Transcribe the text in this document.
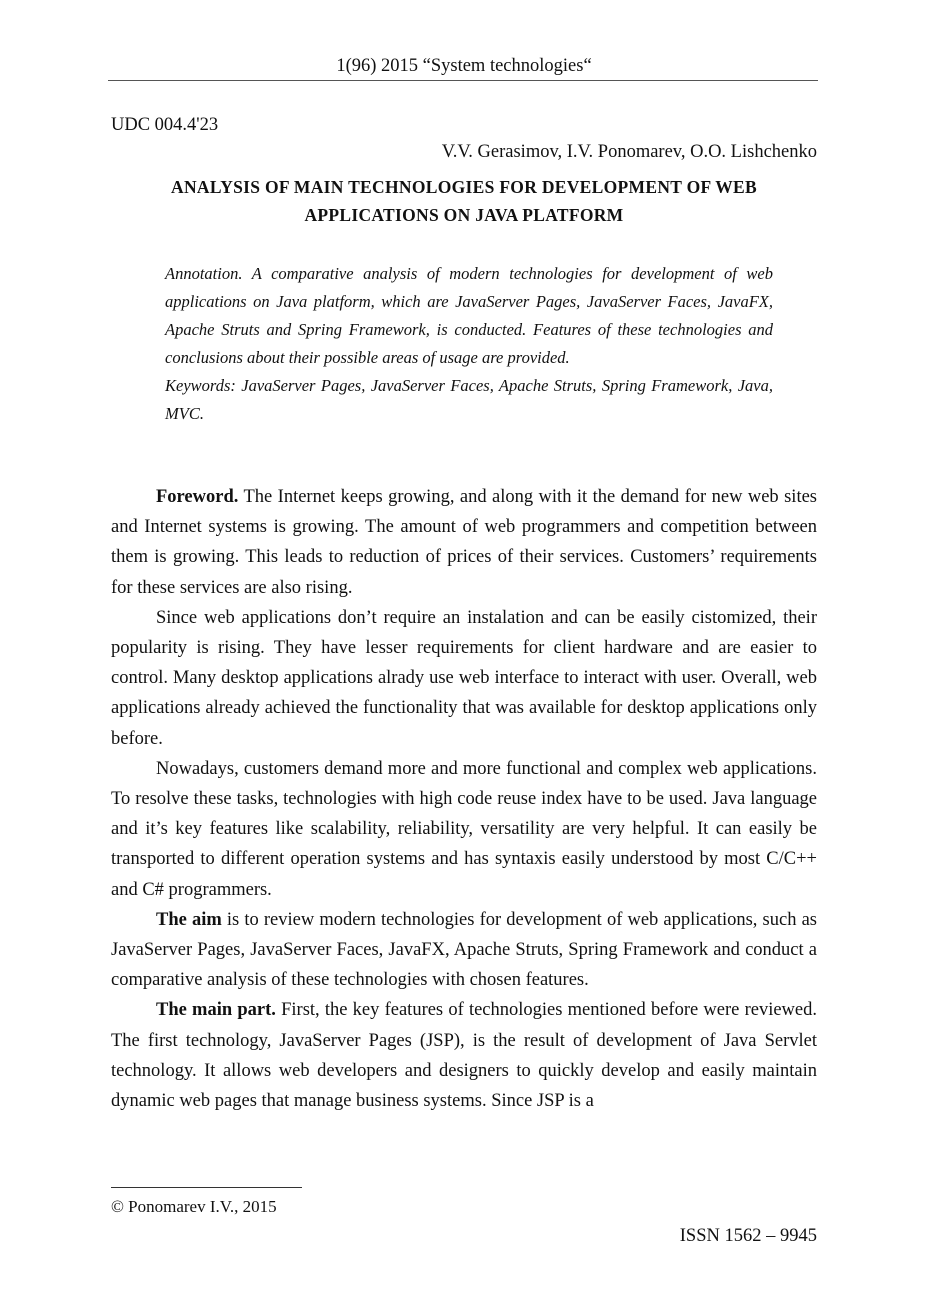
1(96) 2015 “System technologies“
UDC 004.4'23
V.V. Gerasimov, I.V. Ponomarev, O.O. Lishchenko
ANALYSIS OF MAIN TECHNOLOGIES FOR DEVELOPMENT OF WEB APPLICATIONS ON JAVA PLATFORM

Annotation. A comparative analysis of modern technologies for development of web applications on Java platform, which are JavaServer Pages, JavaServer Faces, JavaFX, Apache Struts and Spring Framework, is conducted. Features of these technologies and conclusions about their possible areas of usage are provided.

Keywords: JavaServer Pages, JavaServer Faces, Apache Struts, Spring Framework, Java, MVC.

Foreword. The Internet keeps growing, and along with it the demand for new web sites and Internet systems is growing. The amount of web programmers and competition between them is growing. This leads to reduction of prices of their services. Customers’ requirements for these services are also rising.

Since web applications don’t require an instalation and can be easily cistomized, their popularity is rising. They have lesser requirements for client hardware and are easier to control. Many desktop applications alrady use web interface to interact with user. Overall, web applications already achieved the functionality that was available for desktop applications only before.

Nowadays, customers demand more and more functional and complex web applications. To resolve these tasks, technologies with high code reuse index have to be used. Java language and it’s key features like scalability, reliability, versatility are very helpful. It can easily be transported to different operation systems and has syntaxis easily understood by most C/C++ and C# programmers.

The aim is to review modern technologies for development of web applications, such as JavaServer Pages, JavaServer Faces, JavaFX, Apache Struts, Spring Framework and conduct a comparative analysis of these technologies with chosen features.

The main part. First, the key features of technologies mentioned before were reviewed. The first technology, JavaServer Pages (JSP), is the result of development of Java Servlet technology. It allows web developers and designers to quickly develop and easily maintain dynamic web pages that manage business systems. Since JSP is a

© Ponomarev I.V., 2015
ISSN 1562 – 9945
